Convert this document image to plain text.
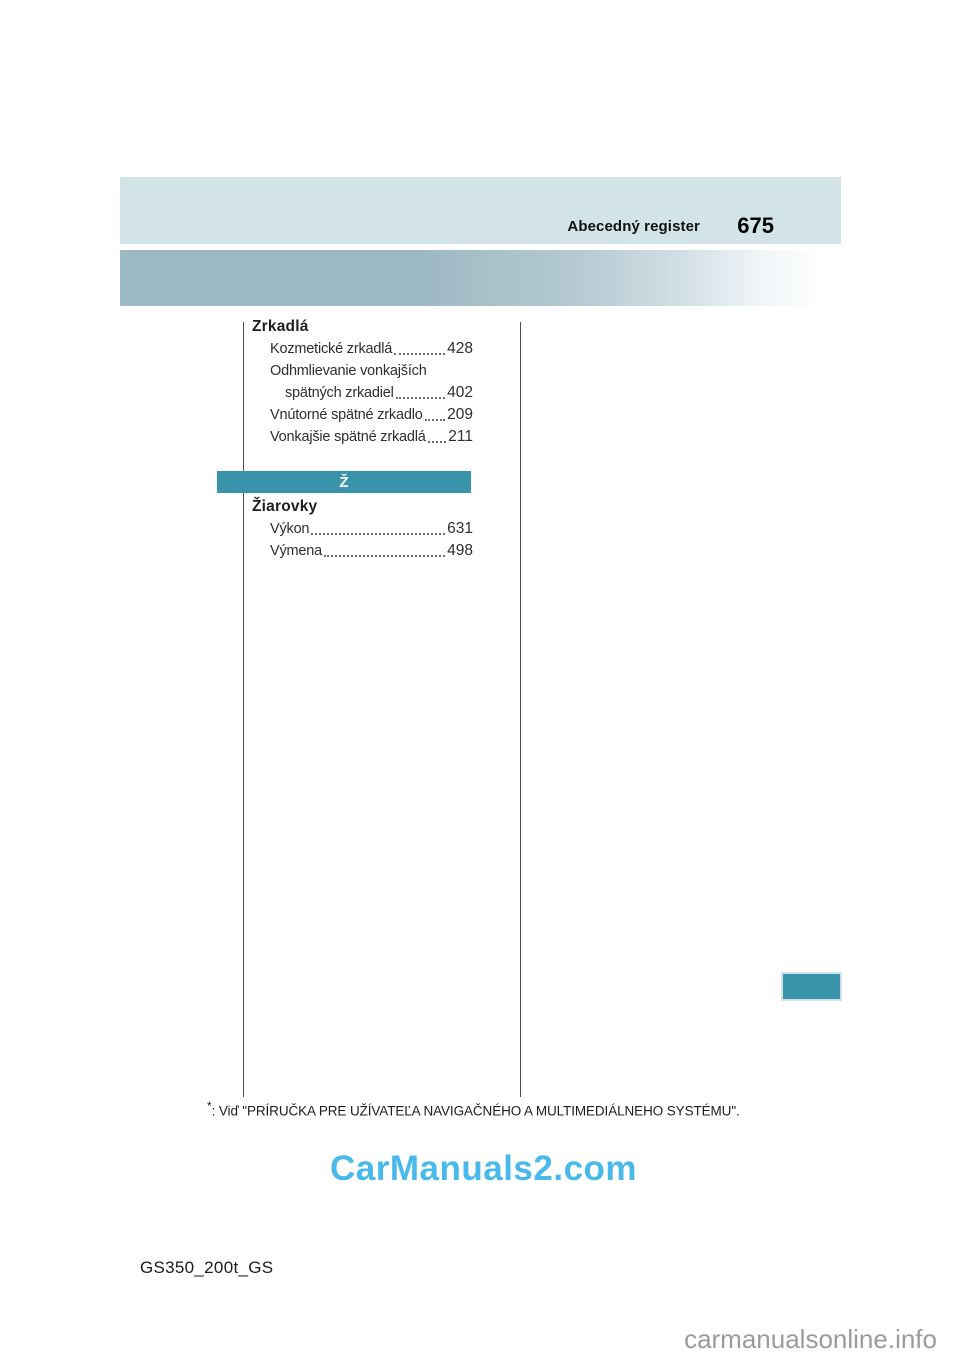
Abecedný register 675
Zrkadlá
Kozmetické zrkadlá	428
Odhmlievanie vonkajších
spätných zrkadiel	402
Vnútorné spätné zrkadlo 209
Vonkajšie spätné zrkadlá 211
Ž
Žiarovky
Výkon	631
Výmena	498
*: Viď "PRÍRUČKA PRE UŽÍVATEĽA NAVIGAČNÉHO A MULTIMEDIÁLNEHO SYSTÉMU".
CarManuals2.com
GS350_200t_GS
carmanualsonline.info
